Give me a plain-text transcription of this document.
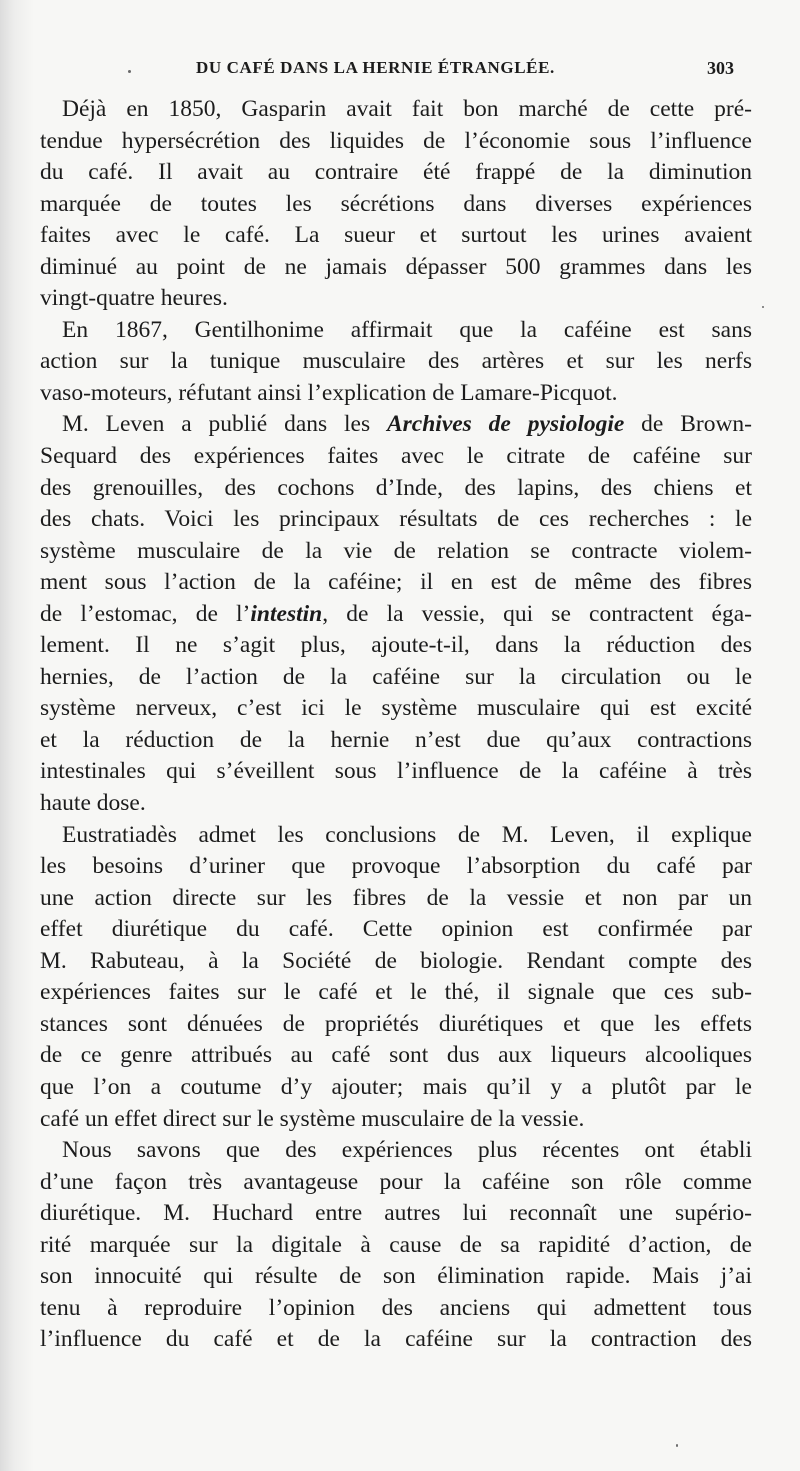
DU CAFÉ DANS LA HERNIE ÉTRANGLÉE.	303
Déjà en 1850, Gasparin avait fait bon marché de cette pré-
tendue hypersécrétion des liquides de l’économie sous l’influence
du café. Il avait au contraire été frappé de la diminution
marquée de toutes les sécrétions dans diverses expériences
faites avec le café. La sueur et surtout les urines avaient
diminué au point de ne jamais dépasser 500 grammes dans les
vingt-quatre heures.
En 1867, Gentilhonime affirmait que la caféine est sans
action sur la tunique musculaire des artères et sur les nerfs
vaso-moteurs, réfutant ainsi l’explication de Lamare-Picquot.
M. Leven a publié dans les Archives de pysiologie de Brown-
Sequard des expériences faites avec le citrate de caféine sur
des grenouilles, des cochons d’Inde, des lapins, des chiens et
des chats. Voici les principaux résultats de ces recherches : le
système musculaire de la vie de relation se contracte violem-
ment sous l’action de la caféine; il en est de même des fibres
de l’estomac, de l’intestin, de la vessie, qui se contractent éga-
lement. Il ne s’agit plus, ajoute-t-il, dans la réduction des
hernies, de l’action de la caféine sur la circulation ou le
système nerveux, c’est ici le système musculaire qui est excité
et la réduction de la hernie n’est due qu’aux contractions
intestinales qui s’éveillent sous l’influence de la caféine à très
haute dose.
Eustratiadès admet les conclusions de M. Leven, il explique
les besoins d’uriner que provoque l’absorption du café par
une action directe sur les fibres de la vessie et non par un
effet diurétique du café. Cette opinion est confirmée par
M. Rabuteau, à la Société de biologie. Rendant compte des
expériences faites sur le café et le thé, il signale que ces sub-
stances sont dénuées de propriétés diurétiques et que les effets
de ce genre attribués au café sont dus aux liqueurs alcooliques
que l’on a coutume d’y ajouter; mais qu’il y a plutôt par le
café un effet direct sur le système musculaire de la vessie.
Nous savons que des expériences plus récentes ont établi
d’une façon très avantageuse pour la caféine son rôle comme
diurétique. M. Huchard entre autres lui reconnaît une supério-
rité marquée sur la digitale à cause de sa rapidité d’action, de
son innocuité qui résulte de son élimination rapide. Mais j’ai
tenu à reproduire l’opinion des anciens qui admettent tous
l’influence du café et de la caféine sur la contraction des
